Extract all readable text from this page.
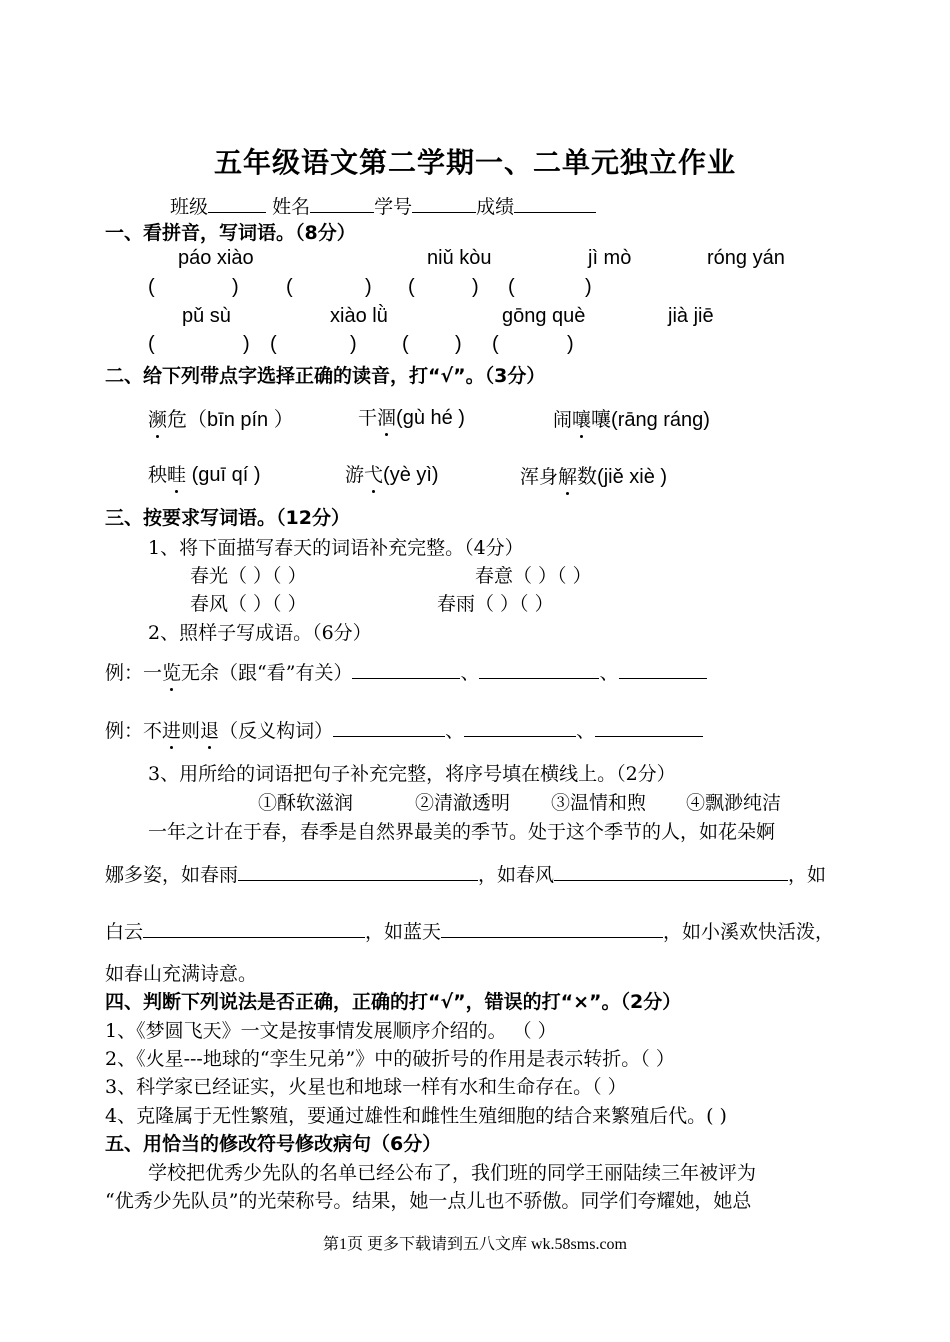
五年级语文第二学期一、二单元独立作业
班级	姓名	学号	成绩
一、看拼音，写词语。（8分）
páo xiào	niǔ kòu	jì mò	róng yán
(	) (	) (	) (	)
pǔ sù	xiào lǜ	gōng què	jià jiē
(	) (	) ( ) (	)
二、给下列带点字选择正确的读音，打“√”。（3分）
濒危（bīn pín ）	干涸(gù hé )	闹嚷嚷(rāng ráng)
秧畦 (guī qí )	游弋(yè yì)	浑身解数(jiě xiè )
三、按要求写词语。（12分）
1、将下面描写春天的词语补充完整。（4分）
春光（ ）（ ）	春意（ ）（ ）
春风（ ）（ ）	春雨（ ）（ ）
2、照样子写成语。（6分）
例：一览无余（跟“看”有关）	、	、
例：不进则退（反义构词）	、	、
3、用所给的词语把句子补充完整，将序号填在横线上。（2分）
①酥软滋润	②清澈透明 ③温情和煦 ④飘渺纯洁
一年之计在于春，春季是自然界最美的季节。处于这个季节的人，如花朵婀
娜多姿，如春雨	，如春风	，如
白云	，如蓝天	，如小溪欢快活泼，
如春山充满诗意。
四、判断下列说法是否正确，正确的打“√”，错误的打“×”。（2分）
1、《梦圆飞天》一文是按事情发展顺序介绍的。 （ ）
2、《火星---地球的“孪生兄弟”》中的破折号的作用是表示转折。（ ）
3、科学家已经证实，火星也和地球一样有水和生命存在。（ ）
4、克隆属于无性繁殖，要通过雄性和雌性生殖细胞的结合来繁殖后代。( )
五、用恰当的修改符号修改病句（6分）
学校把优秀少先队的名单已经公布了，我们班的同学王丽陆续三年被评为
“优秀少先队员”的光荣称号。结果，她一点儿也不骄傲。同学们夸耀她，她总
第1页 更多下载请到五八文库 wk.58sms.com
